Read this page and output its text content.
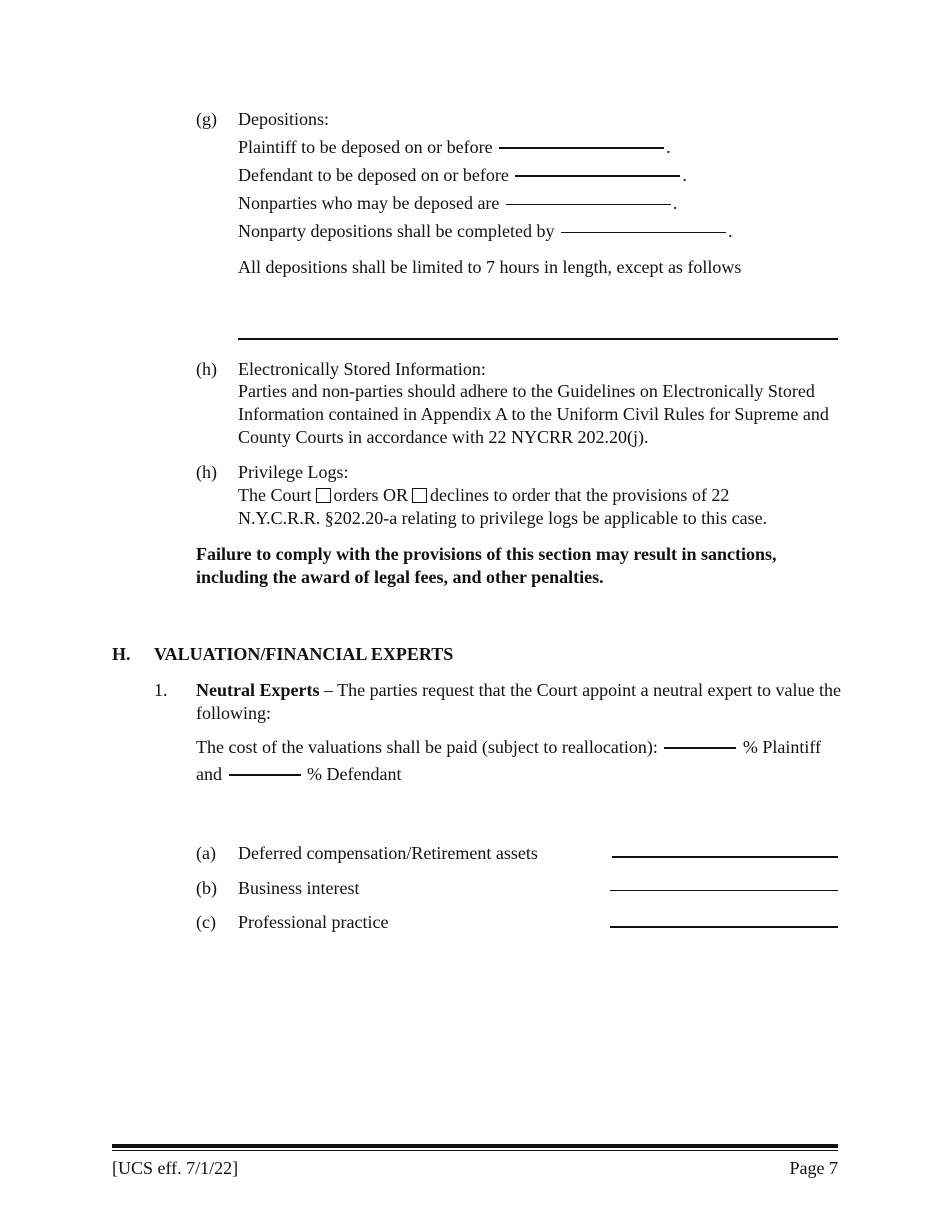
(g) Depositions:
Plaintiff to be deposed on or before	.
Defendant to be deposed on or before	.
Nonparties who may be deposed are	.
Nonparty depositions shall be completed by	.
All depositions shall be limited to 7 hours in length, except as follows
(h) Electronically Stored Information:
Parties and non-parties should adhere to the Guidelines on Electronically Stored Information contained in Appendix A to the Uniform Civil Rules for Supreme and County Courts in accordance with 22 NYCRR 202.20(j).
(h) Privilege Logs:
The Court orders OR declines to order that the provisions of 22
N.Y.C.R.R. §202.20-a relating to privilege logs be applicable to this case.
Failure to comply with the provisions of this section may result in sanctions, including the award of legal fees, and other penalties.
H. VALUATION/FINANCIAL EXPERTS
1. Neutral Experts – The parties request that the Court appoint a neutral expert to value the following:
The cost of the valuations shall be paid (subject to reallocation):	% Plaintiff
and	% Defendant
(a) Deferred compensation/Retirement assets
(b) Business interest
(c) Professional practice
[UCS eff. 7/1/22]	Page 7
